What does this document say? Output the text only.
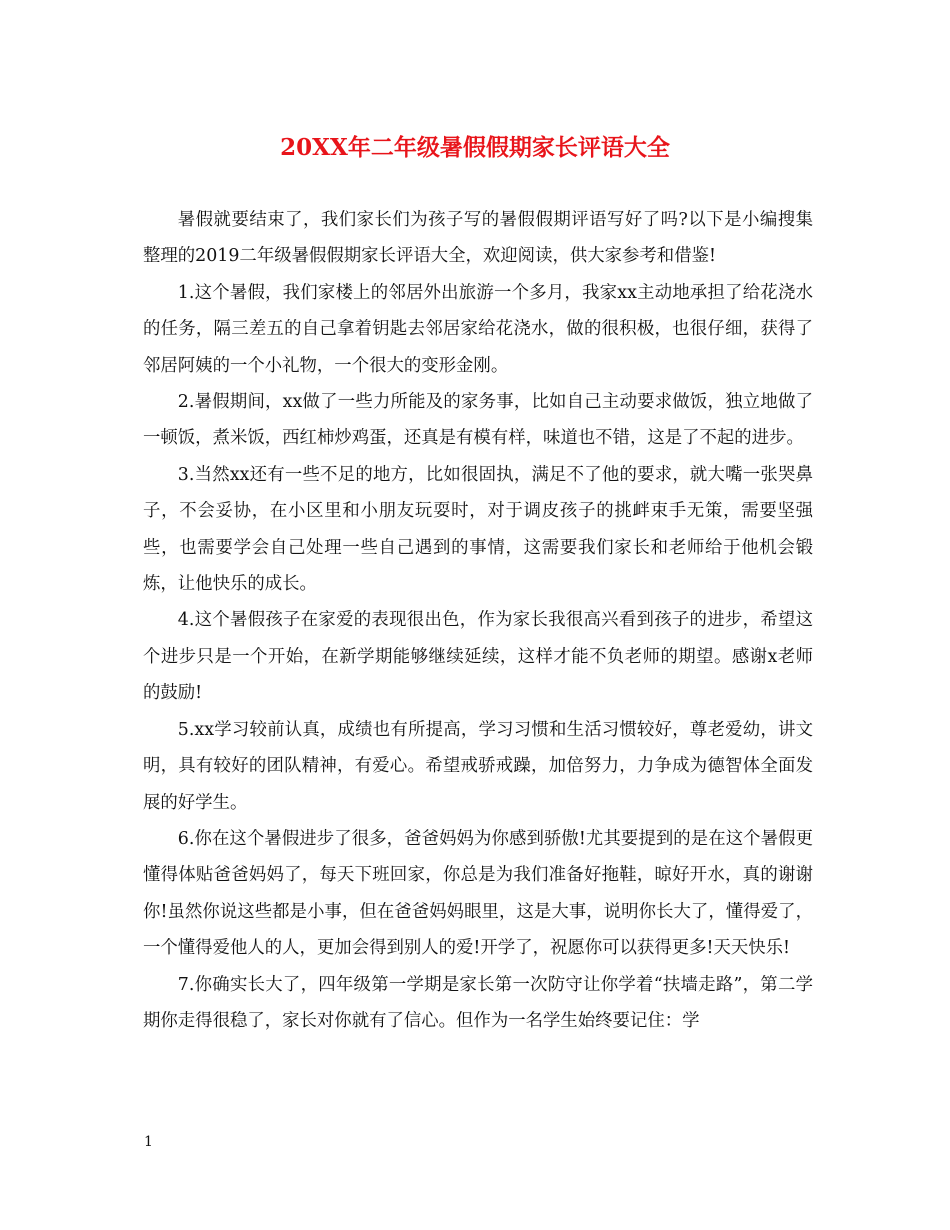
20XX年二年级暑假假期家长评语大全

暑假就要结束了，我们家长们为孩子写的暑假假期评语写好了吗?以下是小编搜集整理的2019二年级暑假假期家长评语大全，欢迎阅读，供大家参考和借鉴!

1.这个暑假，我们家楼上的邻居外出旅游一个多月，我家xx主动地承担了给花浇水的任务，隔三差五的自己拿着钥匙去邻居家给花浇水，做的很积极，也很仔细，获得了邻居阿姨的一个小礼物，一个很大的变形金刚。

2.暑假期间，xx做了一些力所能及的家务事，比如自己主动要求做饭，独立地做了一顿饭，煮米饭，西红柿炒鸡蛋，还真是有模有样，味道也不错，这是了不起的进步。

3.当然xx还有一些不足的地方，比如很固执，满足不了他的要求，就大嘴一张哭鼻子，不会妥协，在小区里和小朋友玩耍时，对于调皮孩子的挑衅束手无策，需要坚强些，也需要学会自己处理一些自己遇到的事情，这需要我们家长和老师给于他机会锻炼，让他快乐的成长。

4.这个暑假孩子在家爱的表现很出色，作为家长我很高兴看到孩子的进步，希望这个进步只是一个开始，在新学期能够继续延续，这样才能不负老师的期望。感谢x老师的鼓励!

5.xx学习较前认真，成绩也有所提高，学习习惯和生活习惯较好，尊老爱幼，讲文明，具有较好的团队精神，有爱心。希望戒骄戒躁，加倍努力，力争成为德智体全面发展的好学生。

6.你在这个暑假进步了很多，爸爸妈妈为你感到骄傲!尤其要提到的是在这个暑假更懂得体贴爸爸妈妈了，每天下班回家，你总是为我们准备好拖鞋，晾好开水，真的谢谢你!虽然你说这些都是小事，但在爸爸妈妈眼里，这是大事，说明你长大了，懂得爱了，一个懂得爱他人的人，更加会得到别人的爱!开学了，祝愿你可以获得更多!天天快乐!

7.你确实长大了，四年级第一学期是家长第一次防守让你学着“扶墙走路”，第二学期你走得很稳了，家长对你就有了信心。但作为一名学生始终要记住：学

1
